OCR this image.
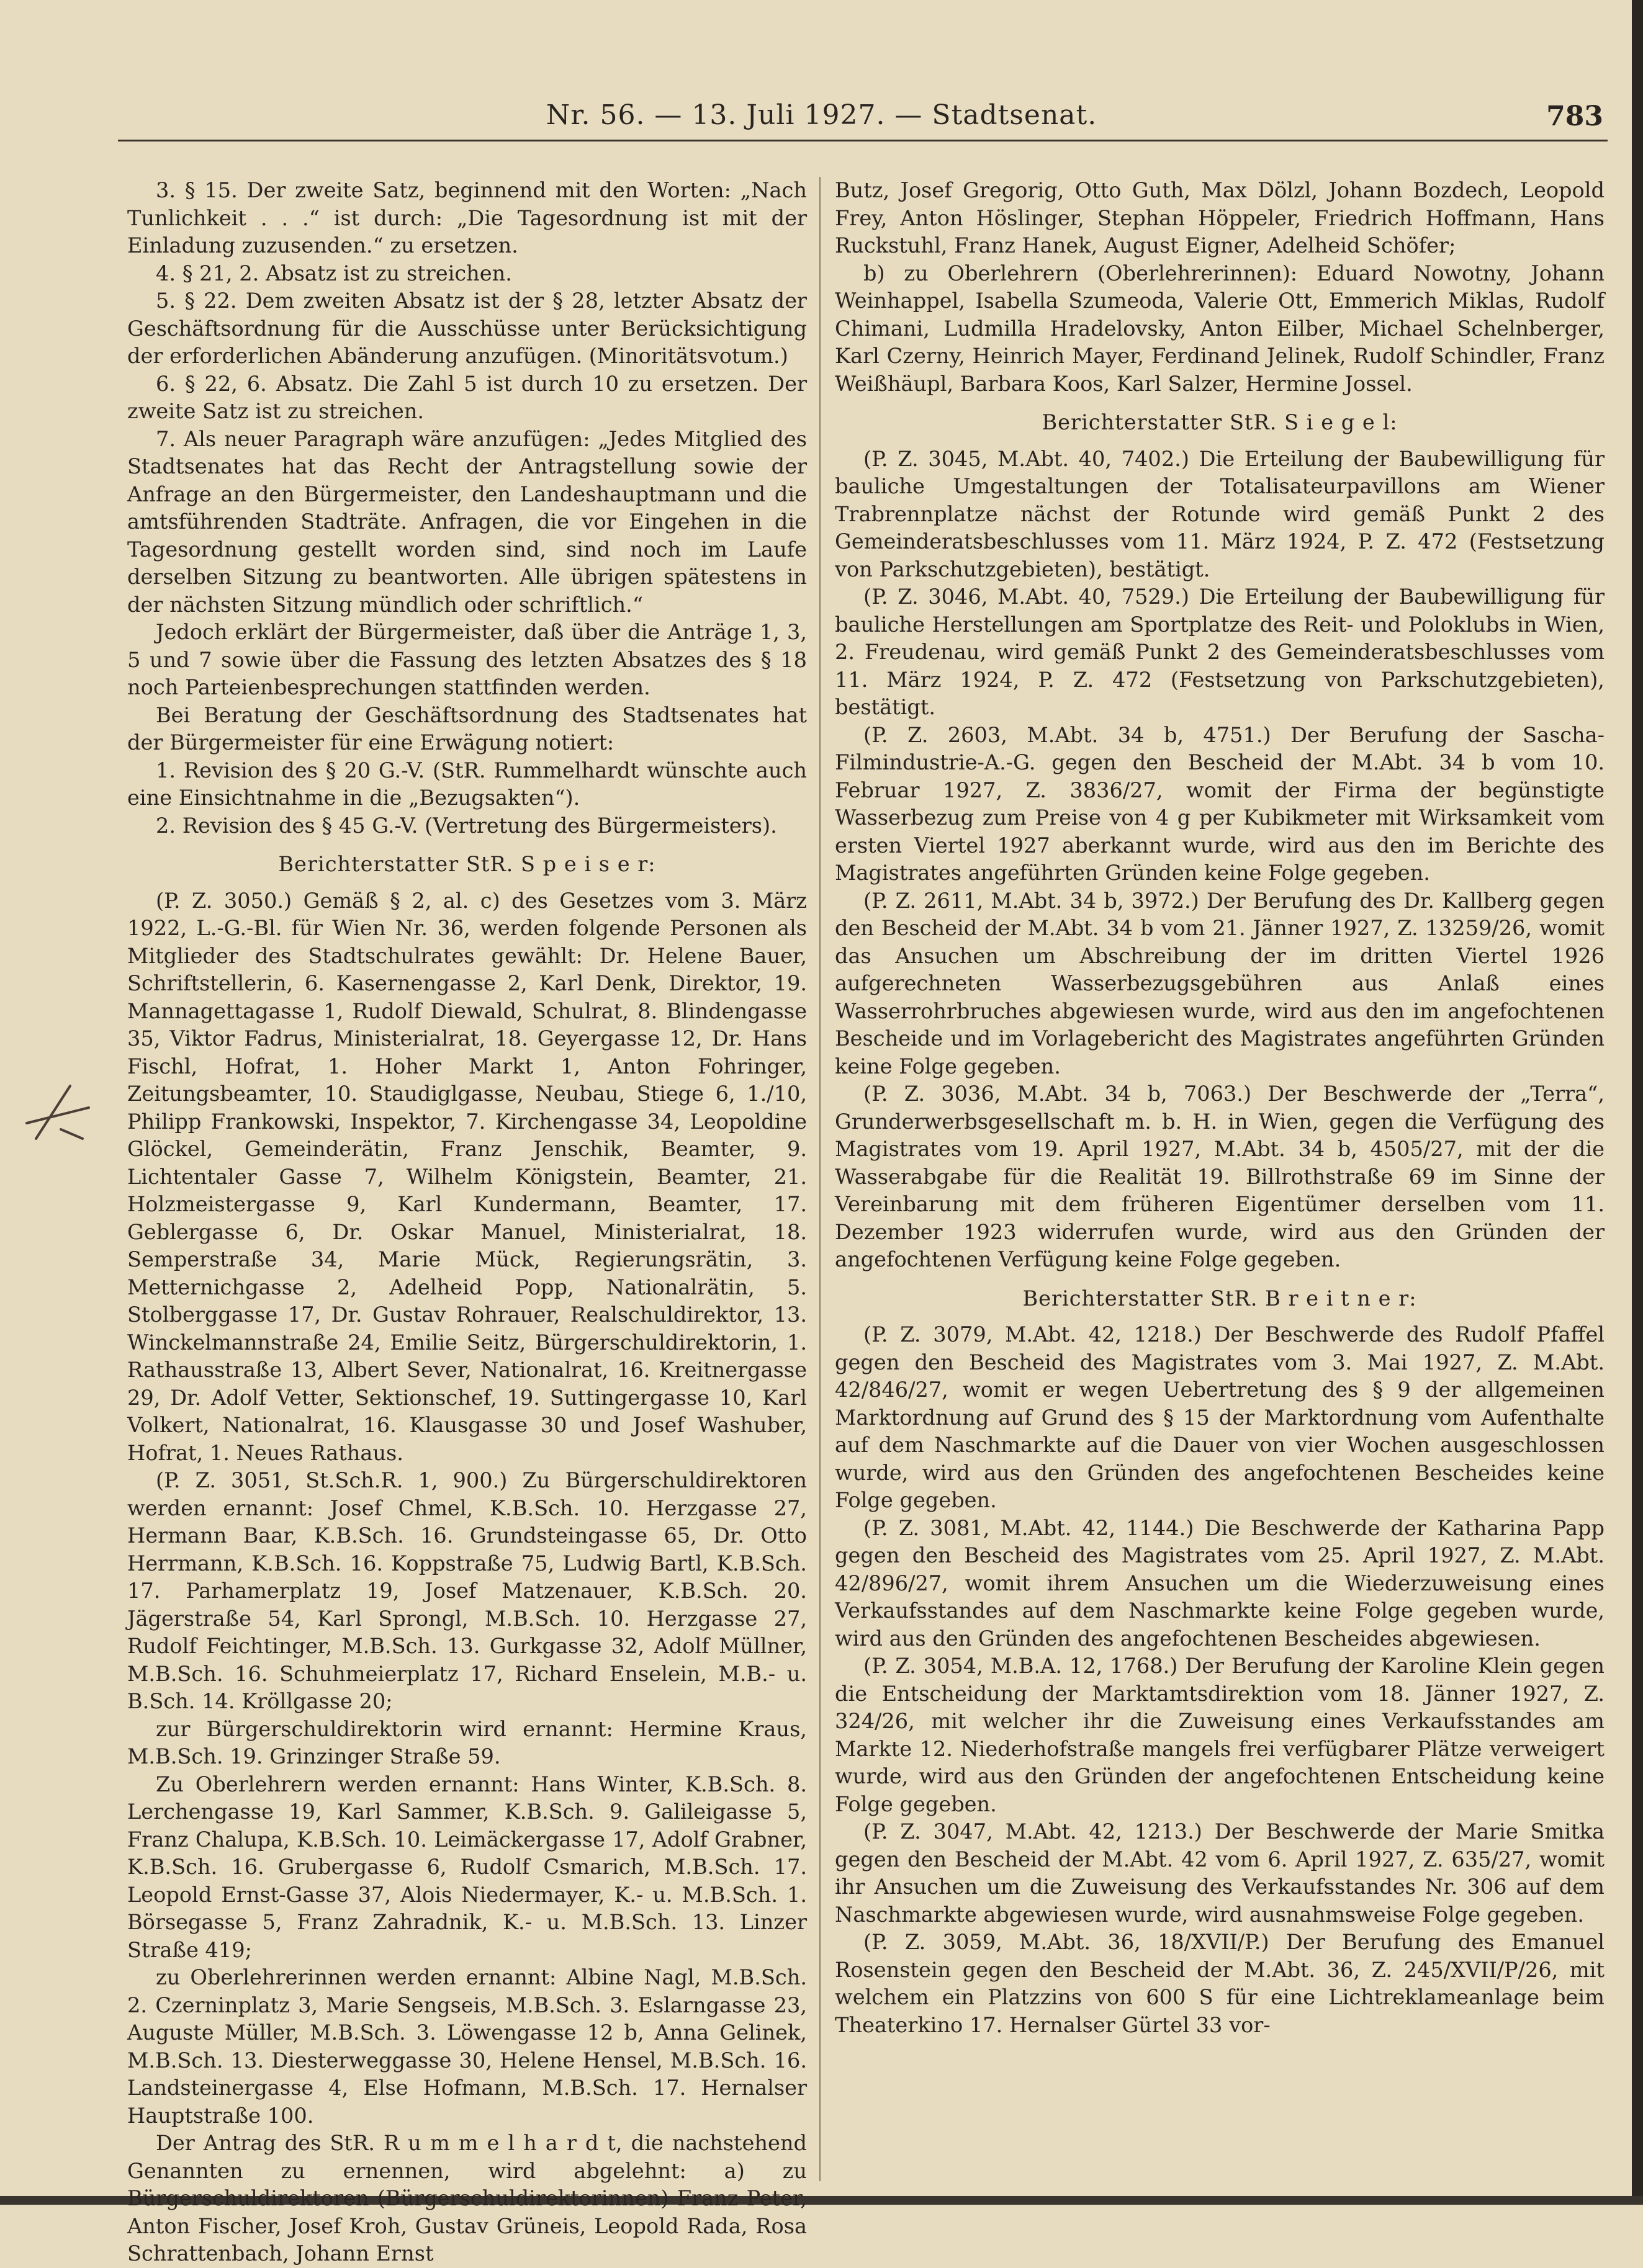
Nr. 56. — 13. Juli 1927. — Stadtsenat.	783

3. § 15. Der zweite Satz, beginnend mit den Worten: „Nach Tunlichkeit . . .“ ist durch: „Die Tagesordnung ist mit der Einladung zuzusenden.“ zu ersetzen.

4. § 21, 2. Absatz ist zu streichen.

5. § 22. Dem zweiten Absatz ist der § 28, letzter Absatz der Geschäftsordnung für die Ausschüsse unter Berücksichtigung der erforderlichen Abänderung anzufügen. (Minoritätsvotum.)

6. § 22, 6. Absatz. Die Zahl 5 ist durch 10 zu ersetzen. Der zweite Satz ist zu streichen.

7. Als neuer Paragraph wäre anzufügen: „Jedes Mitglied des Stadtsenates hat das Recht der Antragstellung sowie der Anfrage an den Bürgermeister, den Landeshauptmann und die amtsführenden Stadträte. Anfragen, die vor Eingehen in die Tagesordnung gestellt worden sind, sind noch im Laufe derselben Sitzung zu beantworten. Alle übrigen spätestens in der nächsten Sitzung mündlich oder schriftlich.“

Jedoch erklärt der Bürgermeister, daß über die Anträge 1, 3, 5 und 7 sowie über die Fassung des letzten Absatzes des § 18 noch Parteienbesprechungen stattfinden werden.

Bei Beratung der Geschäftsordnung des Stadtsenates hat der Bürgermeister für eine Erwägung notiert:

1. Revision des § 20 G.-V. (StR. Rummelhardt wünschte auch eine Einsichtnahme in die „Bezugsakten“).

2. Revision des § 45 G.-V. (Vertretung des Bürgermeisters).

Berichterstatter StR. S p e i s e r:

(P. Z. 3050.) Gemäß § 2, al. c) des Gesetzes vom 3. März 1922, L.-G.-Bl. für Wien Nr. 36, werden folgende Personen als Mitglieder des Stadtschulrates gewählt: Dr. Helene Bauer, Schriftstellerin, 6. Kasernengasse 2, Karl Denk, Direktor, 19. Mannagettagasse 1, Rudolf Diewald, Schulrat, 8. Blindengasse 35, Viktor Fadrus, Ministerialrat, 18. Geyergasse 12, Dr. Hans Fischl, Hofrat, 1. Hoher Markt 1, Anton Fohringer, Zeitungsbeamter, 10. Staudiglgasse, Neubau, Stiege 6, 1./10, Philipp Frankowski, Inspektor, 7. Kirchengasse 34, Leopoldine Glöckel, Gemeinderätin, Franz Jenschik, Beamter, 9. Lichtentaler Gasse 7, Wilhelm Königstein, Beamter, 21. Holzmeistergasse 9, Karl Kundermann, Beamter, 17. Geblergasse 6, Dr. Oskar Manuel, Ministerialrat, 18. Semperstraße 34, Marie Mück, Regierungsrätin, 3. Metternichgasse 2, Adelheid Popp, Nationalrätin, 5. Stolberggasse 17, Dr. Gustav Rohrauer, Realschuldirektor, 13. Winckelmannstraße 24, Emilie Seitz, Bürgerschuldirektorin, 1. Rathausstraße 13, Albert Sever, Nationalrat, 16. Kreitnergasse 29, Dr. Adolf Vetter, Sektionschef, 19. Suttingergasse 10, Karl Volkert, Nationalrat, 16. Klausgasse 30 und Josef Washuber, Hofrat, 1. Neues Rathaus.

(P. Z. 3051, St.Sch.R. 1, 900.) Zu Bürgerschuldirektoren werden ernannt: Josef Chmel, K.B.Sch. 10. Herzgasse 27, Hermann Baar, K.B.Sch. 16. Grundsteingasse 65, Dr. Otto Herrmann, K.B.Sch. 16. Koppstraße 75, Ludwig Bartl, K.B.Sch. 17. Parhamerplatz 19, Josef Matzenauer, K.B.Sch. 20. Jägerstraße 54, Karl Sprongl, M.B.Sch. 10. Herzgasse 27, Rudolf Feichtinger, M.B.Sch. 13. Gurkgasse 32, Adolf Müllner, M.B.Sch. 16. Schuhmeierplatz 17, Richard Enselein, M.B.- u. B.Sch. 14. Kröllgasse 20;

zur Bürgerschuldirektorin wird ernannt: Hermine Kraus, M.B.Sch. 19. Grinzinger Straße 59.

Zu Oberlehrern werden ernannt: Hans Winter, K.B.Sch. 8. Lerchengasse 19, Karl Sammer, K.B.Sch. 9. Galileigasse 5, Franz Chalupa, K.B.Sch. 10. Leimäckergasse 17, Adolf Grabner, K.B.Sch. 16. Grubergasse 6, Rudolf Csmarich, M.B.Sch. 17. Leopold Ernst-Gasse 37, Alois Niedermayer, K.- u. M.B.Sch. 1. Börsegasse 5, Franz Zahradnik, K.- u. M.B.Sch. 13. Linzer Straße 419;

zu Oberlehrerinnen werden ernannt: Albine Nagl, M.B.Sch. 2. Czerninplatz 3, Marie Sengseis, M.B.Sch. 3. Eslarngasse 23, Auguste Müller, M.B.Sch. 3. Löwengasse 12 b, Anna Gelinek, M.B.Sch. 13. Diesterweggasse 30, Helene Hensel, M.B.Sch. 16. Landsteinergasse 4, Else Hofmann, M.B.Sch. 17. Hernalser Hauptstraße 100.

Der Antrag des StR. R u m m e l h a r d t, die nachstehend Genannten zu ernennen, wird abgelehnt: a) zu Bürgerschuldirektoren (Bürgerschuldirektorinnen) Franz Peter, Anton Fischer, Josef Kroh, Gustav Grüneis, Leopold Rada, Rosa Schrattenbach, Johann Ernst

Butz, Josef Gregorig, Otto Guth, Max Dölzl, Johann Bozdech, Leopold Frey, Anton Höslinger, Stephan Höppeler, Friedrich Hoffmann, Hans Ruckstuhl, Franz Hanek, August Eigner, Adelheid Schöfer;

b) zu Oberlehrern (Oberlehrerinnen): Eduard Nowotny, Johann Weinhappel, Isabella Szumeoda, Valerie Ott, Emmerich Miklas, Rudolf Chimani, Ludmilla Hradelovsky, Anton Eilber, Michael Schelnberger, Karl Czerny, Heinrich Mayer, Ferdinand Jelinek, Rudolf Schindler, Franz Weißhäupl, Barbara Koos, Karl Salzer, Hermine Jossel.

Berichterstatter StR. S i e g e l:

(P. Z. 3045, M.Abt. 40, 7402.) Die Erteilung der Baubewilligung für bauliche Umgestaltungen der Totalisateurpavillons am Wiener Trabrennplatze nächst der Rotunde wird gemäß Punkt 2 des Gemeinderatsbeschlusses vom 11. März 1924, P. Z. 472 (Festsetzung von Parkschutzgebieten), bestätigt.

(P. Z. 3046, M.Abt. 40, 7529.) Die Erteilung der Baubewilligung für bauliche Herstellungen am Sportplatze des Reit- und Poloklubs in Wien, 2. Freudenau, wird gemäß Punkt 2 des Gemeinderatsbeschlusses vom 11. März 1924, P. Z. 472 (Festsetzung von Parkschutzgebieten), bestätigt.

(P. Z. 2603, M.Abt. 34 b, 4751.) Der Berufung der Sascha-Filmindustrie-A.-G. gegen den Bescheid der M.Abt. 34 b vom 10. Februar 1927, Z. 3836/27, womit der Firma der begünstigte Wasserbezug zum Preise von 4 g per Kubikmeter mit Wirksamkeit vom ersten Viertel 1927 aberkannt wurde, wird aus den im Berichte des Magistrates angeführten Gründen keine Folge gegeben.

(P. Z. 2611, M.Abt. 34 b, 3972.) Der Berufung des Dr. Kallberg gegen den Bescheid der M.Abt. 34 b vom 21. Jänner 1927, Z. 13259/26, womit das Ansuchen um Abschreibung der im dritten Viertel 1926 aufgerechneten Wasserbezugsgebühren aus Anlaß eines Wasserrohrbruches abgewiesen wurde, wird aus den im angefochtenen Bescheide und im Vorlagebericht des Magistrates angeführten Gründen keine Folge gegeben.

(P. Z. 3036, M.Abt. 34 b, 7063.) Der Beschwerde der „Terra“, Grunderwerbsgesellschaft m. b. H. in Wien, gegen die Verfügung des Magistrates vom 19. April 1927, M.Abt. 34 b, 4505/27, mit der die Wasserabgabe für die Realität 19. Billrothstraße 69 im Sinne der Vereinbarung mit dem früheren Eigentümer derselben vom 11. Dezember 1923 widerrufen wurde, wird aus den Gründen der angefochtenen Verfügung keine Folge gegeben.

Berichterstatter StR. B r e i t n e r:

(P. Z. 3079, M.Abt. 42, 1218.) Der Beschwerde des Rudolf Pfaffel gegen den Bescheid des Magistrates vom 3. Mai 1927, Z. M.Abt. 42/846/27, womit er wegen Uebertretung des § 9 der allgemeinen Marktordnung auf Grund des § 15 der Marktordnung vom Aufenthalte auf dem Naschmarkte auf die Dauer von vier Wochen ausgeschlossen wurde, wird aus den Gründen des angefochtenen Bescheides keine Folge gegeben.

(P. Z. 3081, M.Abt. 42, 1144.) Die Beschwerde der Katharina Papp gegen den Bescheid des Magistrates vom 25. April 1927, Z. M.Abt. 42/896/27, womit ihrem Ansuchen um die Wiederzuweisung eines Verkaufsstandes auf dem Naschmarkte keine Folge gegeben wurde, wird aus den Gründen des angefochtenen Bescheides abgewiesen.

(P. Z. 3054, M.B.A. 12, 1768.) Der Berufung der Karoline Klein gegen die Entscheidung der Marktamtsdirektion vom 18. Jänner 1927, Z. 324/26, mit welcher ihr die Zuweisung eines Verkaufsstandes am Markte 12. Niederhofstraße mangels frei verfügbarer Plätze verweigert wurde, wird aus den Gründen der angefochtenen Entscheidung keine Folge gegeben.

(P. Z. 3047, M.Abt. 42, 1213.) Der Beschwerde der Marie Smitka gegen den Bescheid der M.Abt. 42 vom 6. April 1927, Z. 635/27, womit ihr Ansuchen um die Zuweisung des Verkaufsstandes Nr. 306 auf dem Naschmarkte abgewiesen wurde, wird ausnahmsweise Folge gegeben.

(P. Z. 3059, M.Abt. 36, 18/XVII/P.) Der Berufung des Emanuel Rosenstein gegen den Bescheid der M.Abt. 36, Z. 245/XVII/P/26, mit welchem ein Platzzins von 600 S für eine Lichtreklameanlage beim Theaterkino 17. Hernalser Gürtel 33 vor-
